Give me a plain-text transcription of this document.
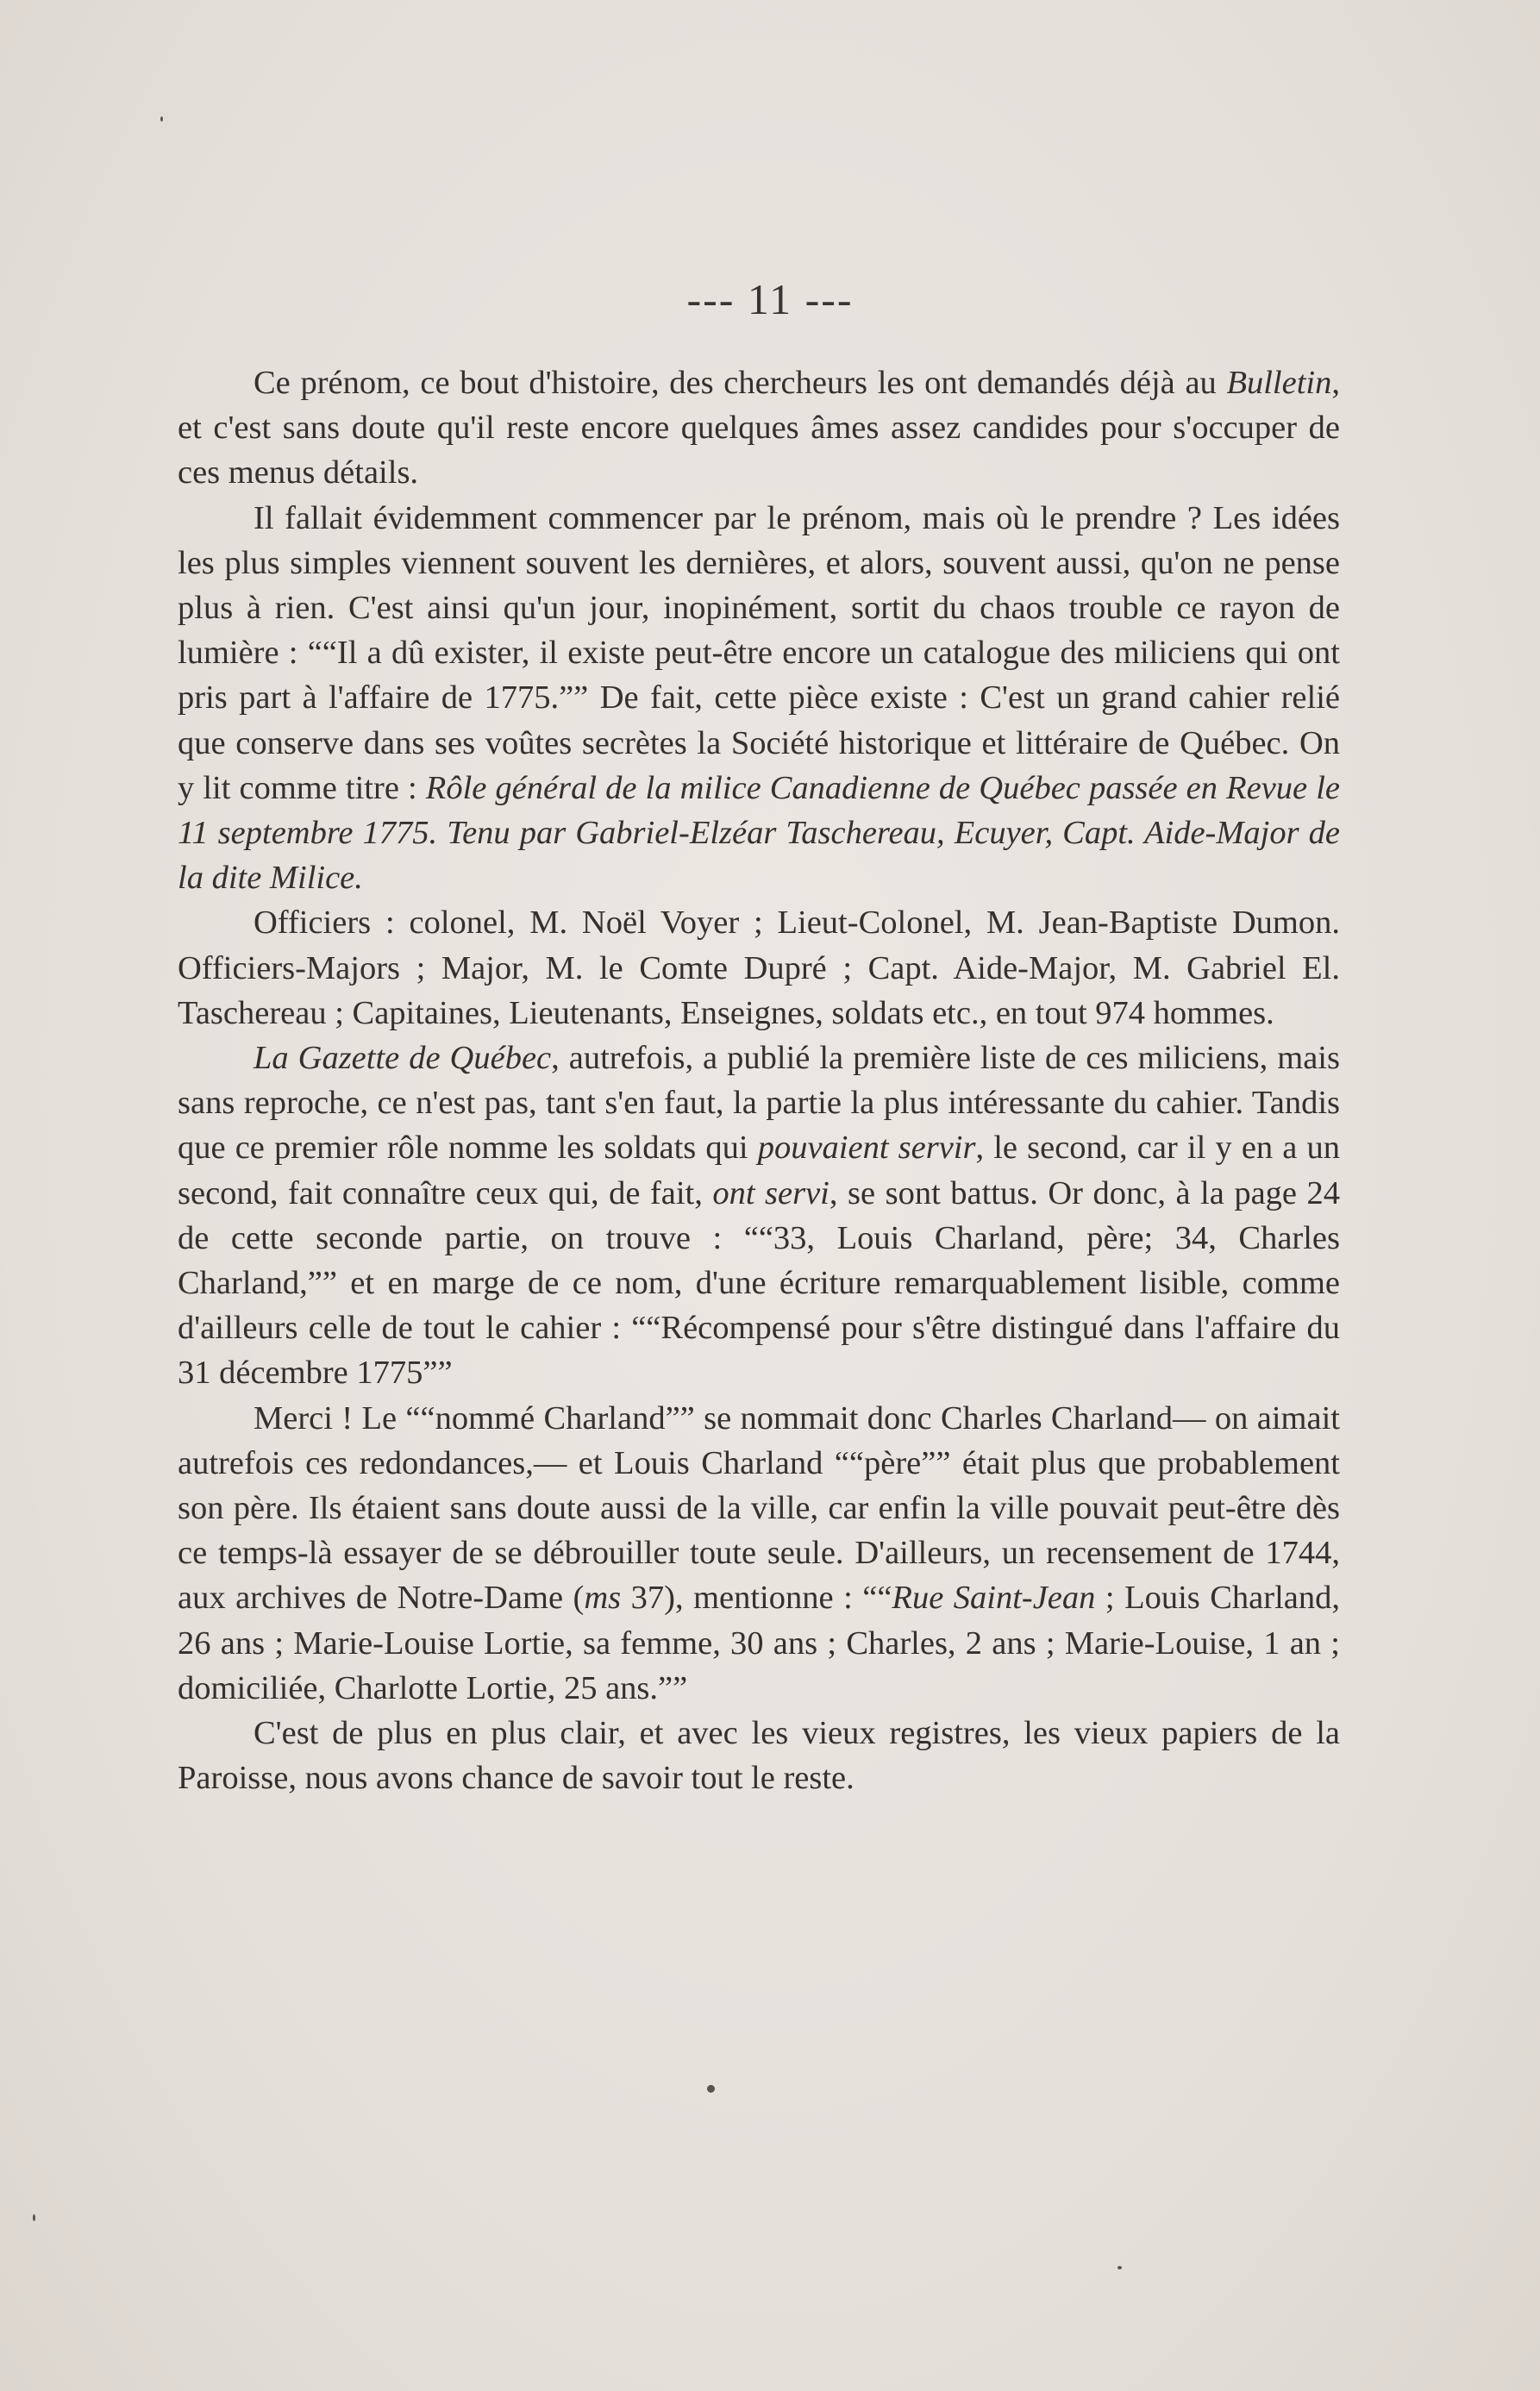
--- 11 ---

Ce prénom, ce bout d'histoire, des chercheurs les ont demandés déjà au Bulletin, et c'est sans doute qu'il reste encore quelques âmes assez candides pour s'occuper de ces menus détails.

Il fallait évidemment commencer par le prénom, mais où le prendre ? Les idées les plus simples viennent souvent les dernières, et alors, souvent aussi, qu'on ne pense plus à rien. C'est ainsi qu'un jour, inopinément, sortit du chaos trouble ce rayon de lumière : ““Il a dû exister, il existe peut-être encore un catalogue des miliciens qui ont pris part à l'affaire de 1775.”” De fait, cette pièce existe : C'est un grand cahier relié que conserve dans ses voûtes secrètes la Société historique et littéraire de Québec. On y lit comme titre : Rôle général de la milice Canadienne de Québec passée en Revue le 11 septembre 1775. Tenu par Gabriel-Elzéar Taschereau, Ecuyer, Capt. Aide-Major de la dite Milice.

Officiers : colonel, M. Noël Voyer ; Lieut-Colonel, M. Jean-Baptiste Dumon. Officiers-Majors ; Major, M. le Comte Dupré ; Capt. Aide-Major, M. Gabriel El. Taschereau ; Capitaines, Lieutenants, Enseignes, soldats etc., en tout 974 hommes.

La Gazette de Québec, autrefois, a publié la première liste de ces miliciens, mais sans reproche, ce n'est pas, tant s'en faut, la partie la plus intéressante du cahier. Tandis que ce premier rôle nomme les soldats qui pouvaient servir, le second, car il y en a un second, fait connaître ceux qui, de fait, ont servi, se sont battus. Or donc, à la page 24 de cette seconde partie, on trouve : ““33, Louis Charland, père; 34, Charles Charland,”” et en marge de ce nom, d'une écriture remarquablement lisible, comme d'ailleurs celle de tout le cahier : ““Récompensé pour s'être distingué dans l'affaire du 31 décembre 1775””

Merci ! Le ““nommé Charland”” se nommait donc Charles Charland— on aimait autrefois ces redondances,— et Louis Charland ““père”” était plus que probablement son père. Ils étaient sans doute aussi de la ville, car enfin la ville pouvait peut-être dès ce temps-là essayer de se débrouiller toute seule. D'ailleurs, un recensement de 1744, aux archives de Notre-Dame (ms 37), mentionne : ““Rue Saint-Jean ; Louis Charland, 26 ans ; Marie-Louise Lortie, sa femme, 30 ans ; Charles, 2 ans ; Marie-Louise, 1 an ; domiciliée, Charlotte Lortie, 25 ans.””

C'est de plus en plus clair, et avec les vieux registres, les vieux papiers de la Paroisse, nous avons chance de savoir tout le reste.
